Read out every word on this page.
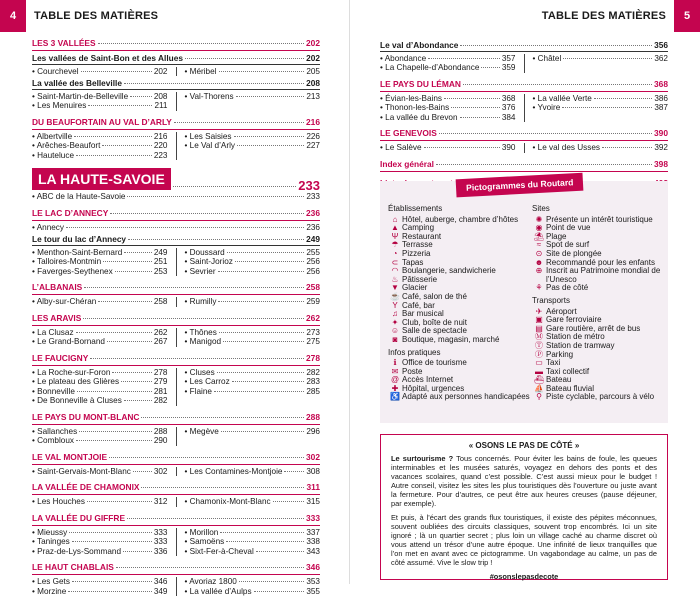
4	TABLE DES MATIÈRES
LES 3 VALLÉES	202
Les vallées de Saint-Bon et des Allues	202
• Courchevel	202 • Méribel	205
La vallée des Belleville	208
• Saint-Martin-de-Belleville	208
• Les Menuires	211
• Val-Thorens	213
DU BEAUFORTAIN AU VAL D’ARLY	216
• Albertville	216
• Arêches-Beaufort	220
• Hauteluce	223
• Les Saisies	226
• Le Val d’Arly	227
LA HAUTE-SAVOIE	233
• ABC de la Haute-Savoie	233
LE LAC D’ANNECY	236
• Annecy	236
Le tour du lac d’Annecy	249
• Menthon-Saint-Bernard	249
• Talloires-Montmin	251
• Faverges-Seythenex	253
• Doussard	255
• Saint-Jorioz	256
• Sevrier	256
L’ALBANAIS	258
• Alby-sur-Chéran	258 • Rumilly	259
LES ARAVIS	262
• La Clusaz	262
• Le Grand-Bornand	267
• Thônes	273
• Manigod	275
LE FAUCIGNY	278
• La Roche-sur-Foron	278
• Le plateau des Glières	279
• Bonneville	281
• De Bonneville à Cluses	282
• Cluses	282
• Les Carroz	283
• Flaine	285
LE PAYS DU MONT-BLANC	288
• Sallanches	288
• Combloux	290
• Megève	296
LE VAL MONTJOIE	302
• Saint-Gervais-Mont-Blanc	302 • Les Contamines-Montjoie	308
LA VALLÉE DE CHAMONIX	311
• Les Houches	312 • Chamonix-Mont-Blanc	315
LA VALLÉE DU GIFFRE	333
• Mieussy	333
• Taninges	333
• Praz-de-Lys-Sommand	336
• Morillon	337
• Samoëns	338
• Sixt-Fer-à-Cheval	343
LE HAUT CHABLAIS	346
• Les Gets	346
• Morzine	349
• Avoriaz 1800	353
• La vallée d’Aulps	355
TABLE DES MATIÈRES	5
Le val d’Abondance	356
• Abondance	357
• La Chapelle-d’Abondance	359
• Châtel	362
LE PAYS DU LÉMAN	368
• Évian-les-Bains	368
• Thonon-les-Bains	376
• La vallée du Brevon	384
• La vallée Verte	386
• Yvoire	387
LE GENEVOIS	390
• Le Salève	390 • Le val des Usses	392
Index général	398
Pictogrammes du Routard
Établissements
⌂ Hôtel, auberge, chambre d’hôtes
▲ Camping
Ψ Restaurant
☂ Terrasse
◔ Pizzeria
⊂ Tapas
◠ Boulangerie, sandwicherie
♨ Pâtisserie
▼ Glacier
☕ Café, salon de thé
Y Café, bar
♫ Bar musical
✦ Club, boîte de nuit
☺ Salle de spectacle
◙ Boutique, magasin, marché
Infos pratiques
ℹ Office de tourisme
✉ Poste
@ Accès Internet
✚ Hôpital, urgences
♿ Adapté aux personnes handicapées
Sites
✺ Présente un intérêt touristique
◉ Point de vue
⛱ Plage
≈ Spot de surf
⊙ Site de plongée
☻ Recommandé pour les enfants
⊕ Inscrit au Patrimoine mondial de l’Unesco
⚘ Pas de côté
Transports
✈ Aéroport
▣ Gare ferroviaire
▤ Gare routière, arrêt de bus
Ⓜ Station de métro
Ⓣ Station de tramway
Ⓟ Parking
▭ Taxi
▬ Taxi collectif
⛴ Bateau
⛵ Bateau fluvial
⚲ Piste cyclable, parcours à vélo
« OSONS LE PAS DE CÔTÉ »

Le surtourisme ? Tous concernés. Pour éviter les bains de foule, les queues interminables et les musées saturés, voyagez en dehors des ponts et des vacances scolaires, quand c’est possible. C’est aussi mieux pour le budget ! Autre conseil, visitez les sites les plus touristiques dès l’ouverture ou juste avant la fermeture. Pour d’autres, ce peut être aux heures creuses (pause déjeuner, par exemple).

Et puis, à l’écart des grands flux touristiques, il existe des pépites méconnues, souvent oubliées des circuits classiques, souvent trop encombrés. Ici un site ignoré ; là un quartier secret ; plus loin un village caché au charme discret où vous attend un trésor d’une autre époque. Une infinité de lieux tranquilles que l’on met en avant avec ce pictogramme. Un vagabondage au calme, un pas de côté assumé. Vive le slow trip !

#osonslepasdecote
